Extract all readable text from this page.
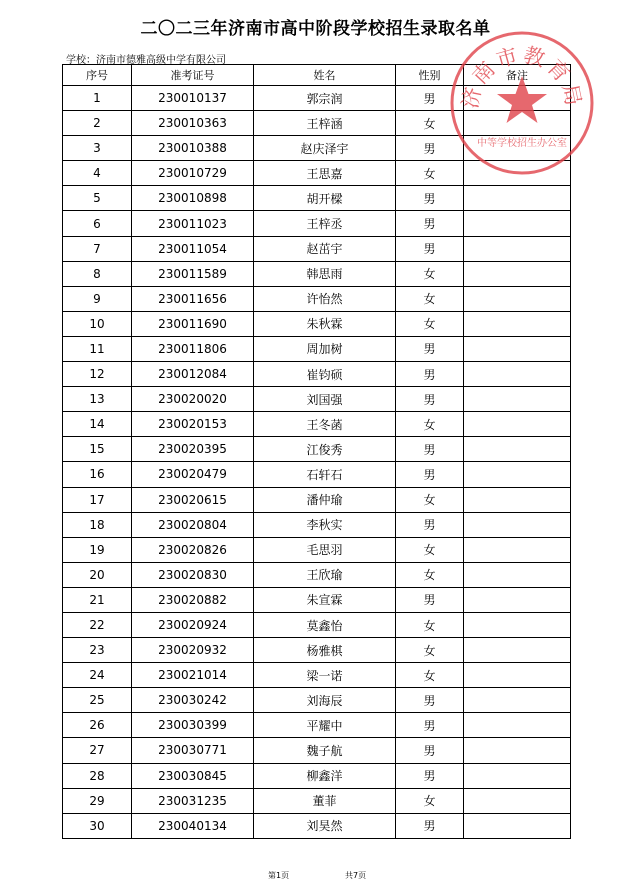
二〇二三年济南市高中阶段学校招生录取名单
学校：济南市德雅高级中学有限公司
序号	准考证号	姓名	性别	备注
1	230010137	郭宗润	男	
2	230010363	王梓涵	女	
3	230010388	赵庆泽宇	男	
4	230010729	王思嘉	女	
5	230010898	胡开樑	男	
6	230011023	王梓丞	男	
7	230011054	赵茁宇	男	
8	230011589	韩思雨	女	
9	230011656	许怡然	女	
10	230011690	朱秋霖	女	
11	230011806	周加树	男	
12	230012084	崔钧硕	男	
13	230020020	刘国强	男	
14	230020153	王冬菡	女	
15	230020395	江俊秀	男	
16	230020479	石轩石	男	
17	230020615	潘仲瑜	女	
18	230020804	李秋实	男	
19	230020826	毛思羽	女	
20	230020830	王欣瑜	女	
21	230020882	朱宣霖	男	
22	230020924	莫鑫怡	女	
23	230020932	杨雅棋	女	
24	230021014	梁一诺	女	
25	230030242	刘海辰	男	
26	230030399	平耀中	男	
27	230030771	魏子航	男	
28	230030845	柳鑫洋	男	
29	230031235	董菲	女	
30	230040134	刘昊然	男	
济南市教育局
中等学校招生办公室
第1页	共7页
